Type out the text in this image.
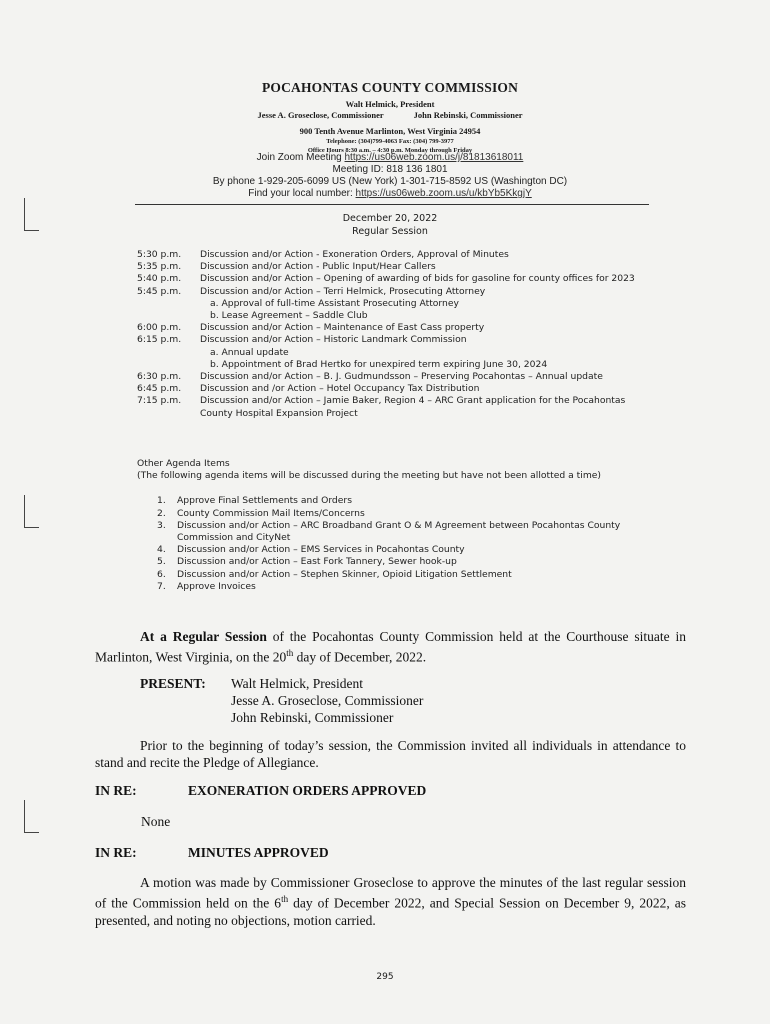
POCAHONTAS COUNTY COMMISSION
Walt Helmick, President
Jesse A. Groseclose, Commissioner	John Rebinski, Commissioner
900 Tenth Avenue Marlinton, West Virginia 24954
Telephone: (304)799-4063 Fax: (304) 799-3977
Office Hours 8:30 a.m. – 4:30 p.m. Monday through Friday
Join Zoom Meeting https://us06web.zoom.us/j/81813618011
Meeting ID: 818 136 1801
By phone 1-929-205-6099 US (New York) 1-301-715-8592 US (Washington DC)
Find your local number: https://us06web.zoom.us/u/kbYb5KkgjY
December 20, 2022
Regular Session
5:30 p.m.	Discussion and/or Action - Exoneration Orders, Approval of Minutes
5:35 p.m.	Discussion and/or Action - Public Input/Hear Callers
5:40 p.m.	Discussion and/or Action – Opening of awarding of bids for gasoline for county offices for 2023
5:45 p.m.	Discussion and/or Action – Terri Helmick, Prosecuting Attorney
a. Approval of full-time Assistant Prosecuting Attorney
b. Lease Agreement – Saddle Club
6:00 p.m.	Discussion and/or Action – Maintenance of East Cass property
6:15 p.m.	Discussion and/or Action – Historic Landmark Commission
a. Annual update
b. Appointment of Brad Hertko for unexpired term expiring June 30, 2024
6:30 p.m.	Discussion and/or Action – B. J. Gudmundsson – Preserving Pocahontas – Annual update
6:45 p.m.	Discussion and /or Action – Hotel Occupancy Tax Distribution
7:15 p.m.	Discussion and/or Action – Jamie Baker, Region 4 – ARC Grant application for the Pocahontas County Hospital Expansion Project
Other Agenda Items
(The following agenda items will be discussed during the meeting but have not been allotted a time)
1.	Approve Final Settlements and Orders
2.	County Commission Mail Items/Concerns
3.	Discussion and/or Action – ARC Broadband Grant O & M Agreement between Pocahontas County Commission and CityNet
4.	Discussion and/or Action – EMS Services in Pocahontas County
5.	Discussion and/or Action – East Fork Tannery, Sewer hook-up
6.	Discussion and/or Action – Stephen Skinner, Opioid Litigation Settlement
7.	Approve Invoices
At a Regular Session of the Pocahontas County Commission held at the Courthouse situate in Marlinton, West Virginia, on the 20th day of December, 2022.
PRESENT:	Walt Helmick, President
Jesse A. Groseclose, Commissioner
John Rebinski, Commissioner
Prior to the beginning of today’s session, the Commission invited all individuals in attendance to stand and recite the Pledge of Allegiance.
IN RE:	EXONERATION ORDERS APPROVED
None
IN RE:	MINUTES APPROVED
A motion was made by Commissioner Groseclose to approve the minutes of the last regular session of the Commission held on the 6th day of December 2022, and Special Session on December 9, 2022, as presented, and noting no objections, motion carried.
295
